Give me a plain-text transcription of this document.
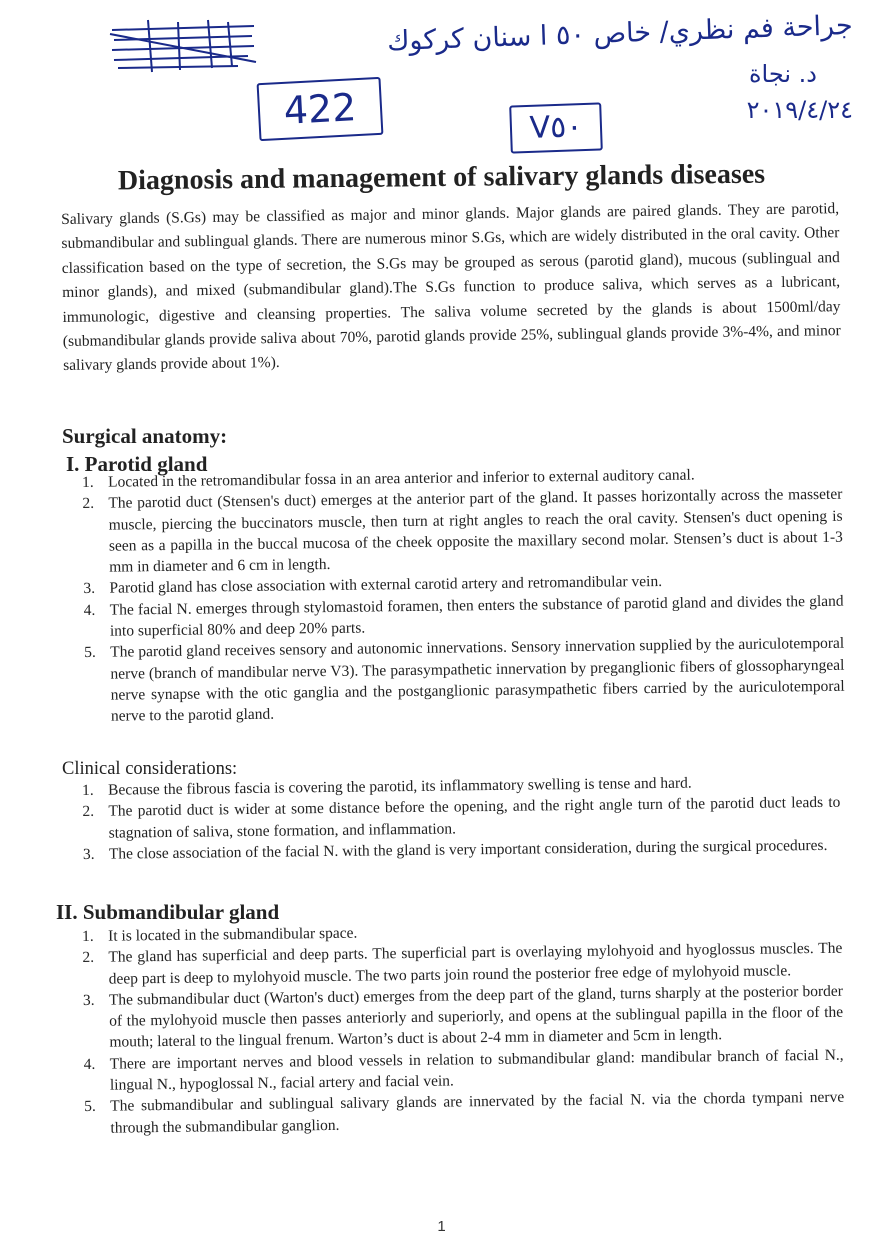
422	V٥٠
جراحة فم نظري/ خاص ٥٠ ا سنان كركوك
د. نجاة
٢٠١٩/٤/٢٤
Diagnosis and management of salivary glands diseases

Salivary glands (S.Gs) may be classified as major and minor glands. Major glands are paired glands. They are parotid, submandibular and sublingual glands. There are numerous minor S.Gs, which are widely distributed in the oral cavity. Other classification based on the type of secretion, the S.Gs may be grouped as serous (parotid gland), mucous (sublingual and minor glands), and mixed (submandibular gland).The S.Gs function to produce saliva, which serves as a lubricant, immunologic, digestive and cleansing properties. The saliva volume secreted by the glands is about 1500ml/day (submandibular glands provide saliva about 70%, parotid glands provide 25%, sublingual glands provide 3%-4%, and minor salivary glands provide about 1%).

Surgical anatomy:
I. Parotid gland
1. Located in the retromandibular fossa in an area anterior and inferior to external auditory canal.
2. The parotid duct (Stensen's duct) emerges at the anterior part of the gland. It passes horizontally across the masseter muscle, piercing the buccinators muscle, then turn at right angles to reach the oral cavity. Stensen's duct opening is seen as a papilla in the buccal mucosa of the cheek opposite the maxillary second molar. Stensen’s duct is about 1-3 mm in diameter and 6 cm in length.
3. Parotid gland has close association with external carotid artery and retromandibular vein.
4. The facial N. emerges through stylomastoid foramen, then enters the substance of parotid gland and divides the gland into superficial 80% and deep 20% parts.
5. The parotid gland receives sensory and autonomic innervations. Sensory innervation supplied by the auriculotemporal nerve (branch of mandibular nerve V3). The parasympathetic innervation by preganglionic fibers of glossopharyngeal nerve synapse with the otic ganglia and the postganglionic parasympathetic fibers carried by the auriculotemporal nerve to the parotid gland.
Clinical considerations:
1. Because the fibrous fascia is covering the parotid, its inflammatory swelling is tense and hard.
2. The parotid duct is wider at some distance before the opening, and the right angle turn of the parotid duct leads to stagnation of saliva, stone formation, and inflammation.
3. The close association of the facial N. with the gland is very important consideration, during the surgical procedures.
II. Submandibular gland
1. It is located in the submandibular space.
2. The gland has superficial and deep parts. The superficial part is overlaying mylohyoid and hyoglossus muscles. The deep part is deep to mylohyoid muscle. The two parts join round the posterior free edge of mylohyoid muscle.
3. The submandibular duct (Warton's duct) emerges from the deep part of the gland, turns sharply at the posterior border of the mylohyoid muscle then passes anteriorly and superiorly, and opens at the sublingual papilla in the floor of the mouth; lateral to the lingual frenum. Warton’s duct is about 2-4 mm in diameter and 5cm in length.
4. There are important nerves and blood vessels in relation to submandibular gland: mandibular branch of facial N., lingual N., hypoglossal N., facial artery and facial vein.
5. The submandibular and sublingual salivary glands are innervated by the facial N. via the chorda tympani nerve through the submandibular ganglion.
1
